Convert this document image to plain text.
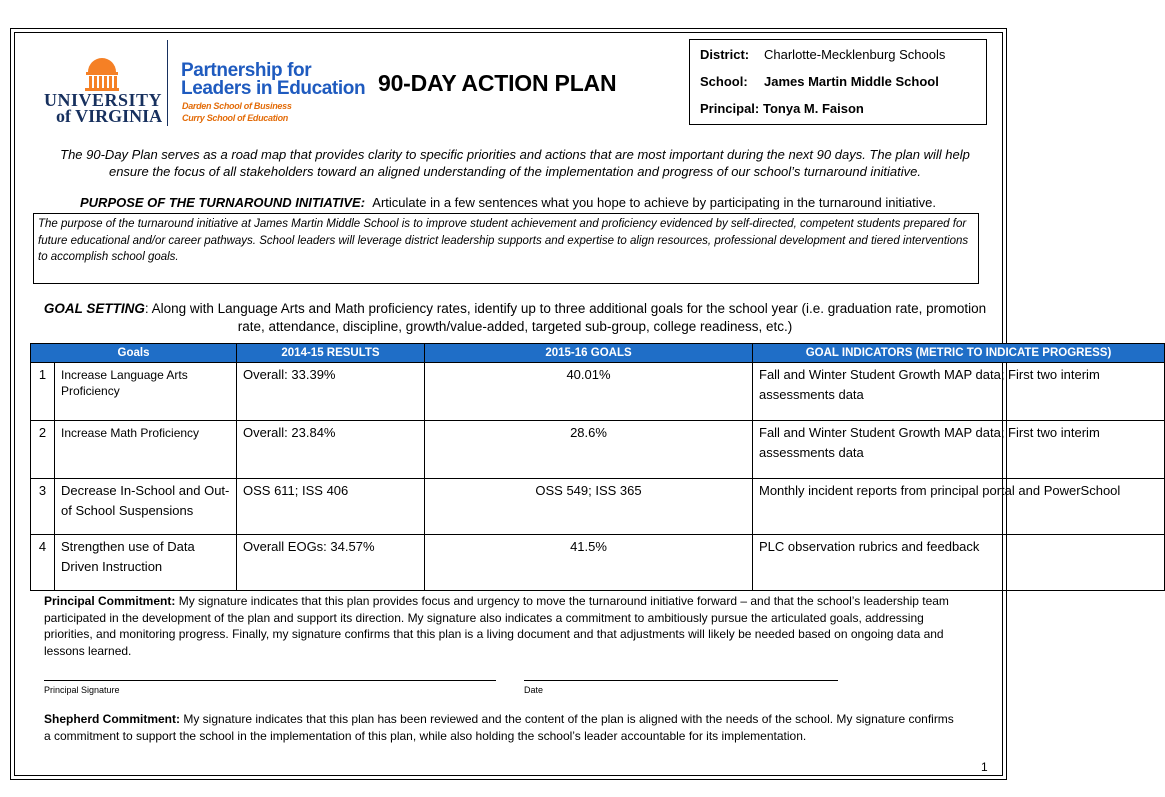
UNIVERSITY
of VIRGINIA
Partnership for
Leaders in Education
Darden School of Business
Curry School of Education
90-DAY ACTION PLAN
District: Charlotte-Mecklenburg Schools
School: James Martin Middle School
Principal: Tonya M. Faison
The 90-Day Plan serves as a road map that provides clarity to specific priorities and actions that are most important during the next 90 days. The plan will help ensure the focus of all stakeholders toward an aligned understanding of the implementation and progress of our school’s turnaround initiative.
PURPOSE OF THE TURNAROUND INITIATIVE: Articulate in a few sentences what you hope to achieve by participating in the turnaround initiative.
The purpose of the turnaround initiative at James Martin Middle School is to improve student achievement and proficiency evidenced by self-directed, competent students prepared for future educational and/or career pathways. School leaders will leverage district leadership supports and expertise to align resources, professional development and tiered interventions to accomplish school goals.
GOAL SETTING: Along with Language Arts and Math proficiency rates, identify up to three additional goals for the school year (i.e. graduation rate, promotion rate, attendance, discipline, growth/value-added, targeted sub-group, college readiness, etc.)
Goals		2014-15 RESULTS	2015-16 GOALS	GOAL INDICATORS (METRIC TO INDICATE PROGRESS)
1	Increase Language Arts Proficiency	Overall: 33.39%	40.01%	Fall and Winter Student Growth MAP data; First two interim assessments data
2	Increase Math Proficiency	Overall: 23.84%	28.6%	Fall and Winter Student Growth MAP data; First two interim assessments data
3	Decrease In-School and Out-of School Suspensions	OSS 611; ISS 406	OSS 549; ISS 365	Monthly incident reports from principal portal and PowerSchool
4	Strengthen use of Data Driven Instruction	Overall EOGs: 34.57%	41.5%	PLC observation rubrics and feedback
Principal Commitment: My signature indicates that this plan provides focus and urgency to move the turnaround initiative forward – and that the school’s leadership team participated in the development of the plan and support its direction. My signature also indicates a commitment to ambitiously pursue the articulated goals, addressing priorities, and monitoring progress. Finally, my signature confirms that this plan is a living document and that adjustments will likely be needed based on ongoing data and lessons learned.
Principal Signature	Date
Shepherd Commitment: My signature indicates that this plan has been reviewed and the content of the plan is aligned with the needs of the school. My signature confirms a commitment to support the school in the implementation of this plan, while also holding the school’s leader accountable for its implementation.
1
